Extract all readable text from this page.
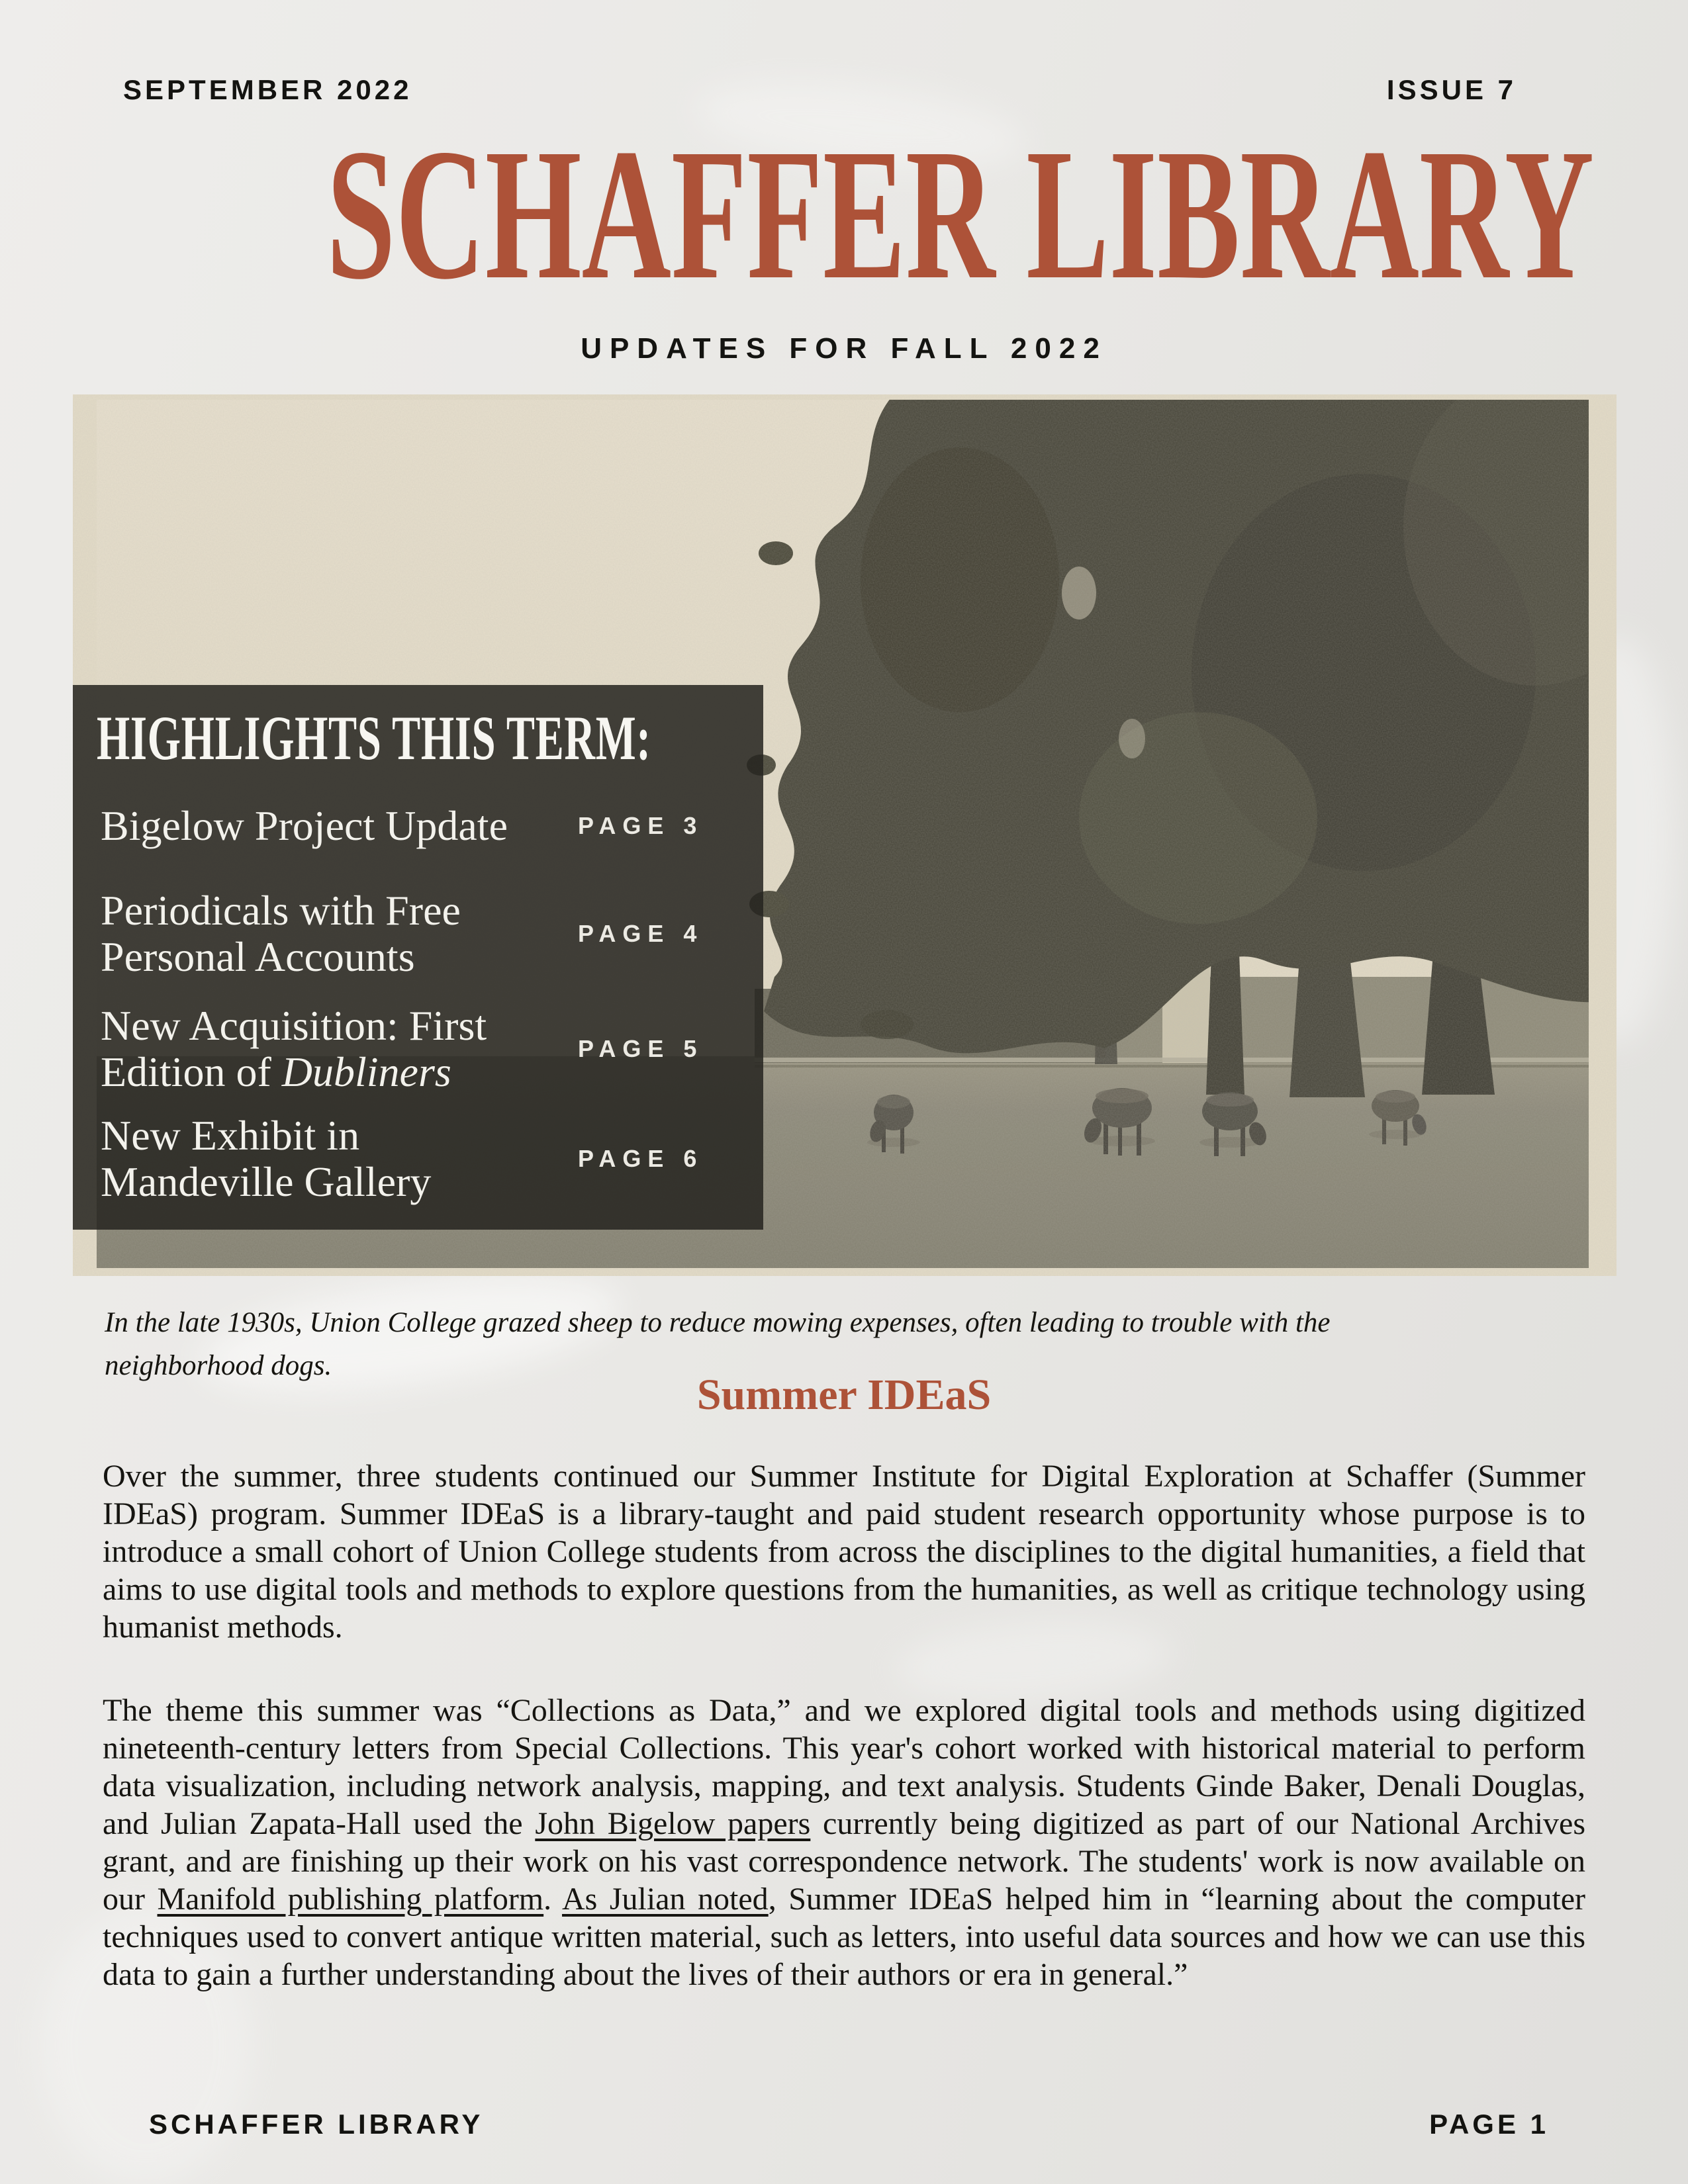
SEPTEMBER 2022	ISSUE 7
SCHAFFER LIBRARY
UPDATES FOR FALL 2022
HIGHLIGHTS THIS TERM:
Bigelow Project Update	PAGE 3
Periodicals with Free
Personal Accounts	PAGE 4
New Acquisition: First
Edition of Dubliners	PAGE 5
New Exhibit in
Mandeville Gallery	PAGE 6

In the late 1930s, Union College grazed sheep to reduce mowing expenses, often leading to trouble with the neighborhood dogs.

Summer IDEaS

Over the summer, three students continued our Summer Institute for Digital Exploration at Schaffer (Summer IDEaS) program. Summer IDEaS is a library-taught and paid student research opportunity whose purpose is to introduce a small cohort of Union College students from across the disciplines to the digital humanities, a field that aims to use digital tools and methods to explore questions from the humanities, as well as critique technology using humanist methods.

The theme this summer was “Collections as Data,” and we explored digital tools and methods using digitized nineteenth-century letters from Special Collections. This year's cohort worked with historical material to perform data visualization, including network analysis, mapping, and text analysis. Students Ginde Baker, Denali Douglas, and Julian Zapata-Hall used the John Bigelow papers currently being digitized as part of our National Archives grant, and are finishing up their work on his vast correspondence network. The students' work is now available on our Manifold publishing platform. As Julian noted, Summer IDEaS helped him in “learning about the computer techniques used to convert antique written material, such as letters, into useful data sources and how we can use this data to gain a further understanding about the lives of their authors or era in general.”

SCHAFFER LIBRARY	PAGE 1
